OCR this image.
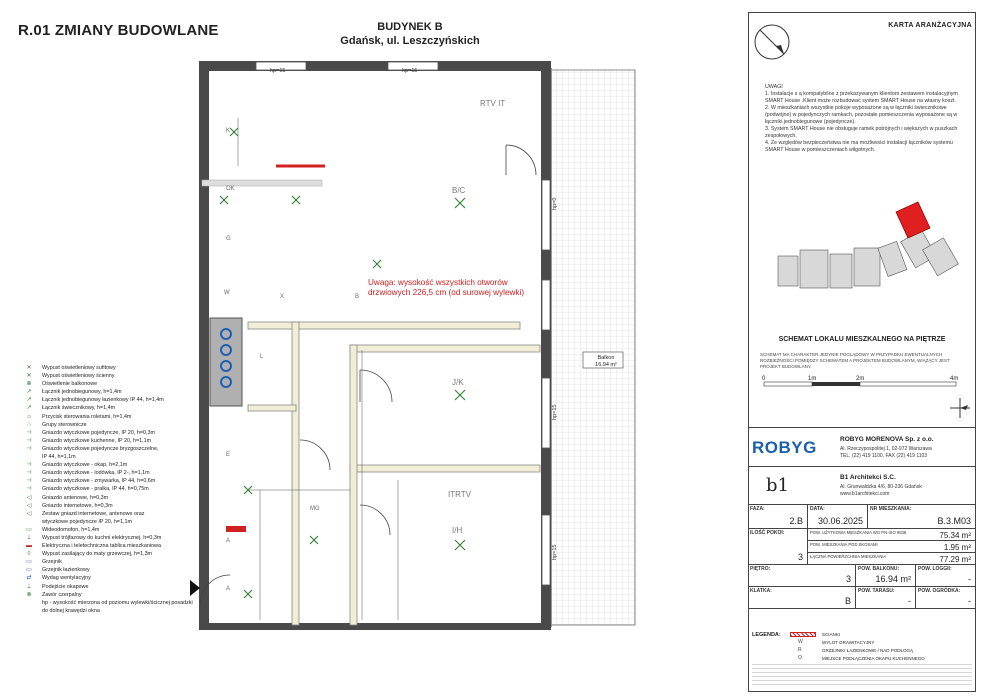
R.01 ZMIANY BUDOWLANE	BUDYNEK B
Gdańsk, ul. Leszczyńskich
KARTA ARANŻACYJNA
hp=15	hp=15
hp=0
hp=15
hp=15
B/C
J/K
I/H
RTV IT
ITRTV
K
OK
G
X	B
L
E
A
MG
A
W
Uwaga: wysokość wszystkich otworów drzwiowych 226,5 cm (od surowej wylewki)
Balkon
16.94 m²
✕	Wypust oświetleniowy sufitowy
✕	Wypust oświetleniowy ścienny
⊗	Oświetlenie balkonowe
↗	Łącznik jednobiegunowy, h=1,4m
↗	Łącznik jednobiegunowy łazienkowy IP 44, h=1,4m
↗	Łącznik świecznikowy, h=1,4m
⌂	Przycisk sterowania roletami, h=1,4m
∴	Grupy sterownicze
⊣	Gniazdo wtyczkowe pojedyncze, IP 20, h=0,3m
⊣	Gniazdo wtyczkowe kuchenne, IP 20, h=1,1m
⊣	Gniazdo wtyczkowe pojedyncze bryzgoszczelne,
IP 44, h=1,1m
⊣	Gniazdo wtyczkowe - okap, h=2,1m
⊣	Gniazdo wtyczkowe - lodówka, IP 2-, h=1,1m
⊣	Gniazdo wtyczkowe - zmywarka, IP 44, h=0,6m
⊣	Gniazdo wtyczkowe - pralka, IP 44, h=0,75m
◁	Gniazdo antenowe, h=0,3m
◁	Gniazdo internetowe, h=0,3m
◁	Zestaw gniazd internetowe, antenowe oraz
wtyczkowe pojedyncze IP 20, h=1,1m
▭	Wideodomofon, h=1,4m
⊥	Wypust trójfazowy do kuchni elektrycznej, h=0,3m
▬	Elektryczna i teletechniczna tablica mieszkaniowa
◊	Wypust zasilający do maty grzewczej, h=1,3m
▭	Grzejnik
▭	Grzejnik łazienkowy
⇄	Wydag wentylacyjny
⊥	Podejście okapowe
⊗	Zawór czerpalny
hp - wysokość mierzona od poziomu wylewki/ścicznej posadzki
do dolnej krawędzi okna
UWAGI
1. Instalacje s ą kompatybilne z przekazywanym klientom zestawem instalacyjnym SMART House .Klient może rozbudować system SMART House na własny koszt.
2. W mieszkaniach wszystkie pokoje wyposażone są w łączniki świecznikowe (podwójne) w pojedynczych ramkach, pozostałe pomieszczenia wyposażone są w łączniki jednobiegunowe (pojedyncze).
3. System SMART House nie obsługuje ramek potrójnych i większych w puszkach zespołowych.
4. Ze względów bezpieczeństwa nie ma możliwości instalacji łączników systemu SMART House w pomieszczeniach wilgotnych.
SCHEMAT LOKALU MIESZKALNEGO NA PIĘTRZE
SCHEMAT MA CHARAKTER JEDYNIE POGLĄDOWY W PRZYPADKU EWENTUALNYCH ROZBIEŻNOŚCI POMIĘDZY SCHEMATEM A PROJEKTEM BUDOWLANYM, WIĄŻĄCY JEST PROJEKT BUDOWLANY.
0	1m	2m	4m
ROBYG	ROBYG MORENOVA Sp. z o.o.
Al. Rzeczypospolitej 1, 02-972 Warszawa
TEL. (22) 419 1100, FAX (22) 419 1103
b1	B1 Architekci S.C.
Al. Grunwaldzka 4/6, 80-236 Gdańsk
www.b1architekci.com
FAZA:
2.B
DATA:
30.06.2025
NR MIESZKANIA:
B.3.M03
ILOŚĆ POKOI:
3
POW. UŻYTKOWA MIESZKANIA WG PN-ISO 9836	75.34 m²
POW. MIESZKANIA POD SKOSAMI	1.95 m²
ŁĄCZNA POWIERZCHNIA MIESZKANIA	77.29 m²
PIĘTRO:
3
POW. BALKONU:
16.94 m²
POW. LOGGII:
-
KLATKA:
B
POW. TARASU:
-
POW. OGRÓDKA:
-
LEGENDA:	SCIANKI
W	WYLOT GRAWITACYJNY
R	GRZEJNIKI ŁAZIENKOWE / NAD PODŁOGĄ
O	MIEJSCE PODŁĄCZENIA OKAPU KUCHENNEGO
